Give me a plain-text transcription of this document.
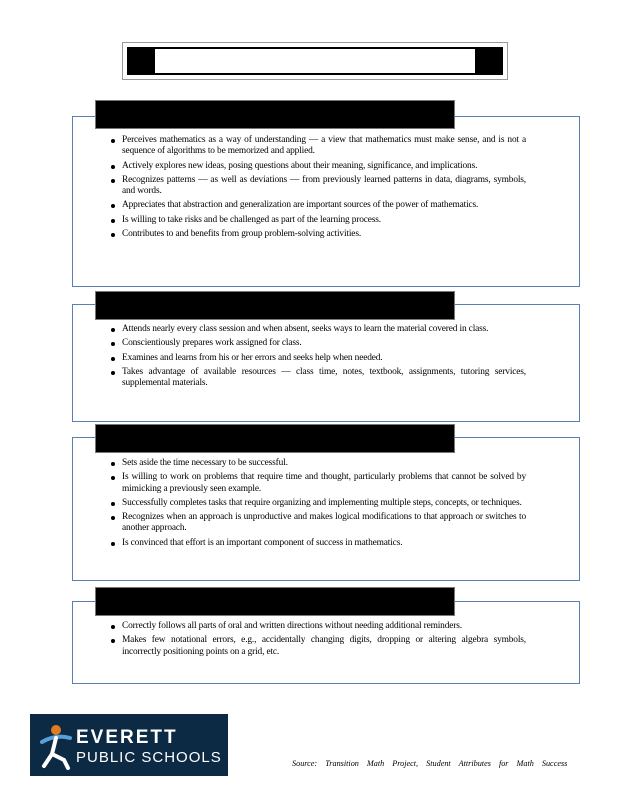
Perceives mathematics as a way of understanding — a view that mathematics must make sense, and is not a sequence of algorithms to be memorized and applied.
Actively explores new ideas, posing questions about their meaning, significance, and implications.
Recognizes patterns — as well as deviations — from previously learned patterns in data, diagrams, symbols, and words.
Appreciates that abstraction and generalization are important sources of the power of mathematics.
Is willing to take risks and be challenged as part of the learning process.
Contributes to and benefits from group problem-solving activities.
Attends nearly every class session and when absent, seeks ways to learn the material covered in class.
Conscientiously prepares work assigned for class.
Examines and learns from his or her errors and seeks help when needed.
Takes advantage of available resources — class time, notes, textbook, assignments, tutoring services, supplemental materials.
Sets aside the time necessary to be successful.
Is willing to work on problems that require time and thought, particularly problems that cannot be solved by mimicking a previously seen example.
Successfully completes tasks that require organizing and implementing multiple steps, concepts, or techniques.
Recognizes when an approach is unproductive and makes logical modifications to that approach or switches to another approach.
Is convinced that effort is an important component of success in mathematics.
Correctly follows all parts of oral and written directions without needing additional reminders.
Makes few notational errors, e.g., accidentally changing digits, dropping or altering algebra symbols, incorrectly positioning points on a grid, etc.
EVERETT
PUBLIC SCHOOLS	Source: Transition Math Project, Student Attributes for Math Success
